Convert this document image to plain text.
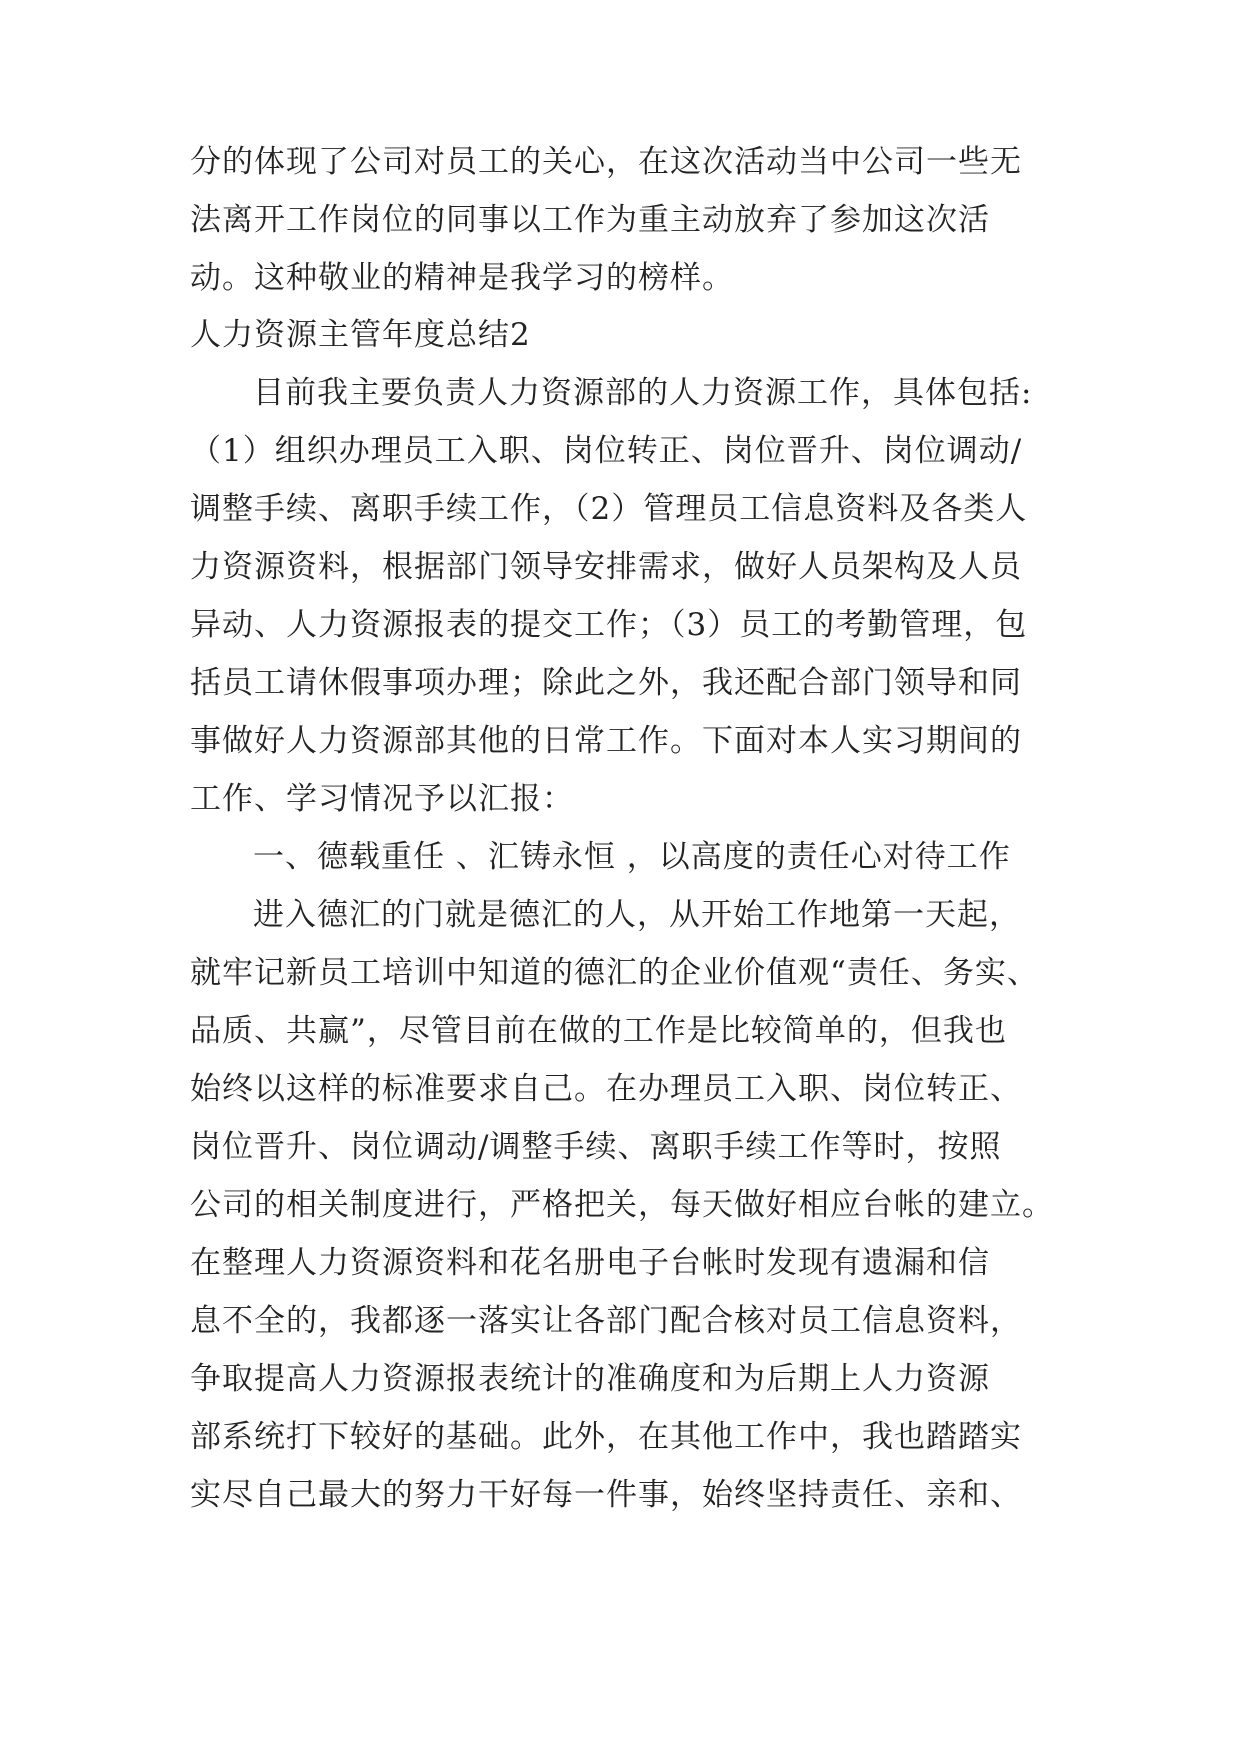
分的体现了公司对员工的关心，在这次活动当中公司一些无
法离开工作岗位的同事以工作为重主动放弃了参加这次活
动。这种敬业的精神是我学习的榜样。
人力资源主管年度总结2
目前我主要负责人力资源部的人力资源工作，具体包括:
（1）组织办理员工入职、岗位转正、岗位晋升、岗位调动/
调整手续、离职手续工作，（2）管理员工信息资料及各类人
力资源资料，根据部门领导安排需求，做好人员架构及人员
异动、人力资源报表的提交工作；（3）员工的考勤管理，包
括员工请休假事项办理；除此之外，我还配合部门领导和同
事做好人力资源部其他的日常工作。下面对本人实习期间的
工作、学习情况予以汇报：
一、德载重任 、汇铸永恒 ，以高度的责任心对待工作
进入德汇的门就是德汇的人，从开始工作地第一天起，
就牢记新员工培训中知道的德汇的企业价值观“责任、务实、
品质、共赢”，尽管目前在做的工作是比较简单的，但我也
始终以这样的标准要求自己。在办理员工入职、岗位转正、
岗位晋升、岗位调动/调整手续、离职手续工作等时，按照
公司的相关制度进行，严格把关，每天做好相应台帐的建立。
在整理人力资源资料和花名册电子台帐时发现有遗漏和信
息不全的，我都逐一落实让各部门配合核对员工信息资料，
争取提高人力资源报表统计的准确度和为后期上人力资源
部系统打下较好的基础。此外，在其他工作中，我也踏踏实
实尽自己最大的努力干好每一件事，始终坚持责任、亲和、
